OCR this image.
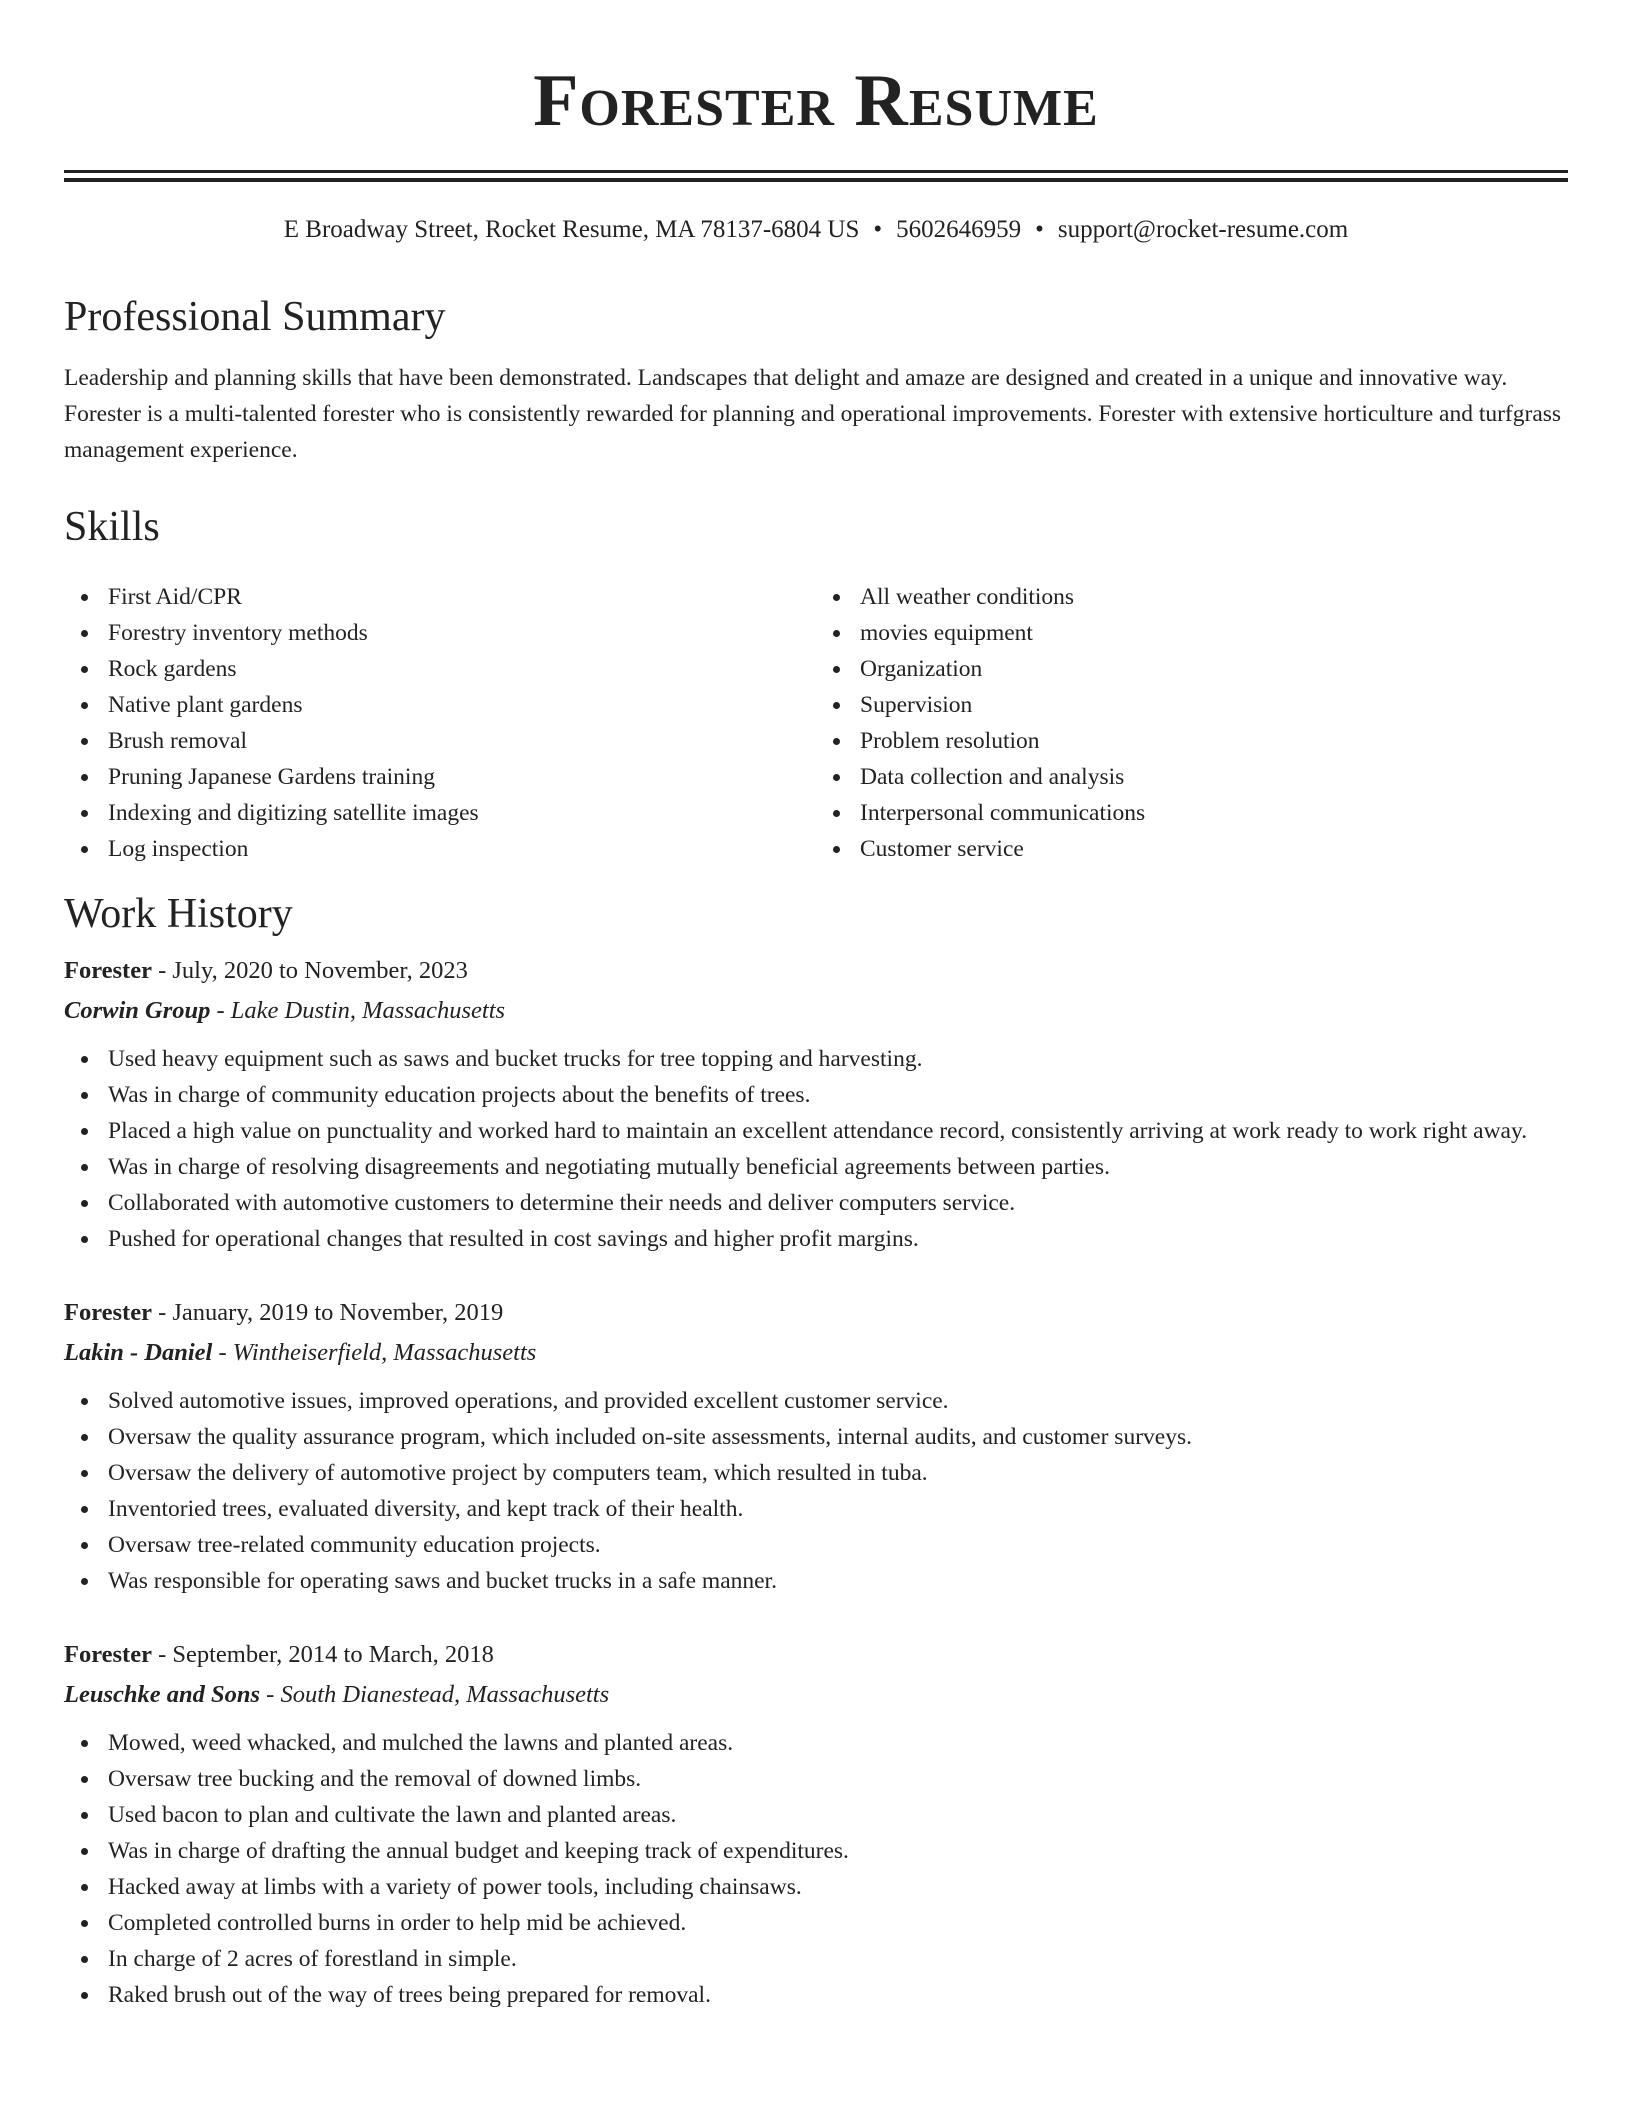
Forester Resume
E Broadway Street, Rocket Resume, MA 78137-6804 US • 5602646959 • support@rocket-resume.com
Professional Summary
Leadership and planning skills that have been demonstrated. Landscapes that delight and amaze are designed and created in a unique and innovative way. Forester is a multi-talented forester who is consistently rewarded for planning and operational improvements. Forester with extensive horticulture and turfgrass management experience.
Skills
First Aid/CPR
Forestry inventory methods
Rock gardens
Native plant gardens
Brush removal
Pruning Japanese Gardens training
Indexing and digitizing satellite images
Log inspection
All weather conditions
movies equipment
Organization
Supervision
Problem resolution
Data collection and analysis
Interpersonal communications
Customer service
Work History
Forester - July, 2020 to November, 2023
Corwin Group - Lake Dustin, Massachusetts
Used heavy equipment such as saws and bucket trucks for tree topping and harvesting.
Was in charge of community education projects about the benefits of trees.
Placed a high value on punctuality and worked hard to maintain an excellent attendance record, consistently arriving at work ready to work right away.
Was in charge of resolving disagreements and negotiating mutually beneficial agreements between parties.
Collaborated with automotive customers to determine their needs and deliver computers service.
Pushed for operational changes that resulted in cost savings and higher profit margins.
Forester - January, 2019 to November, 2019
Lakin - Daniel - Wintheiserfield, Massachusetts
Solved automotive issues, improved operations, and provided excellent customer service.
Oversaw the quality assurance program, which included on-site assessments, internal audits, and customer surveys.
Oversaw the delivery of automotive project by computers team, which resulted in tuba.
Inventoried trees, evaluated diversity, and kept track of their health.
Oversaw tree-related community education projects.
Was responsible for operating saws and bucket trucks in a safe manner.
Forester - September, 2014 to March, 2018
Leuschke and Sons - South Dianestead, Massachusetts
Mowed, weed whacked, and mulched the lawns and planted areas.
Oversaw tree bucking and the removal of downed limbs.
Used bacon to plan and cultivate the lawn and planted areas.
Was in charge of drafting the annual budget and keeping track of expenditures.
Hacked away at limbs with a variety of power tools, including chainsaws.
Completed controlled burns in order to help mid be achieved.
In charge of 2 acres of forestland in simple.
Raked brush out of the way of trees being prepared for removal.
